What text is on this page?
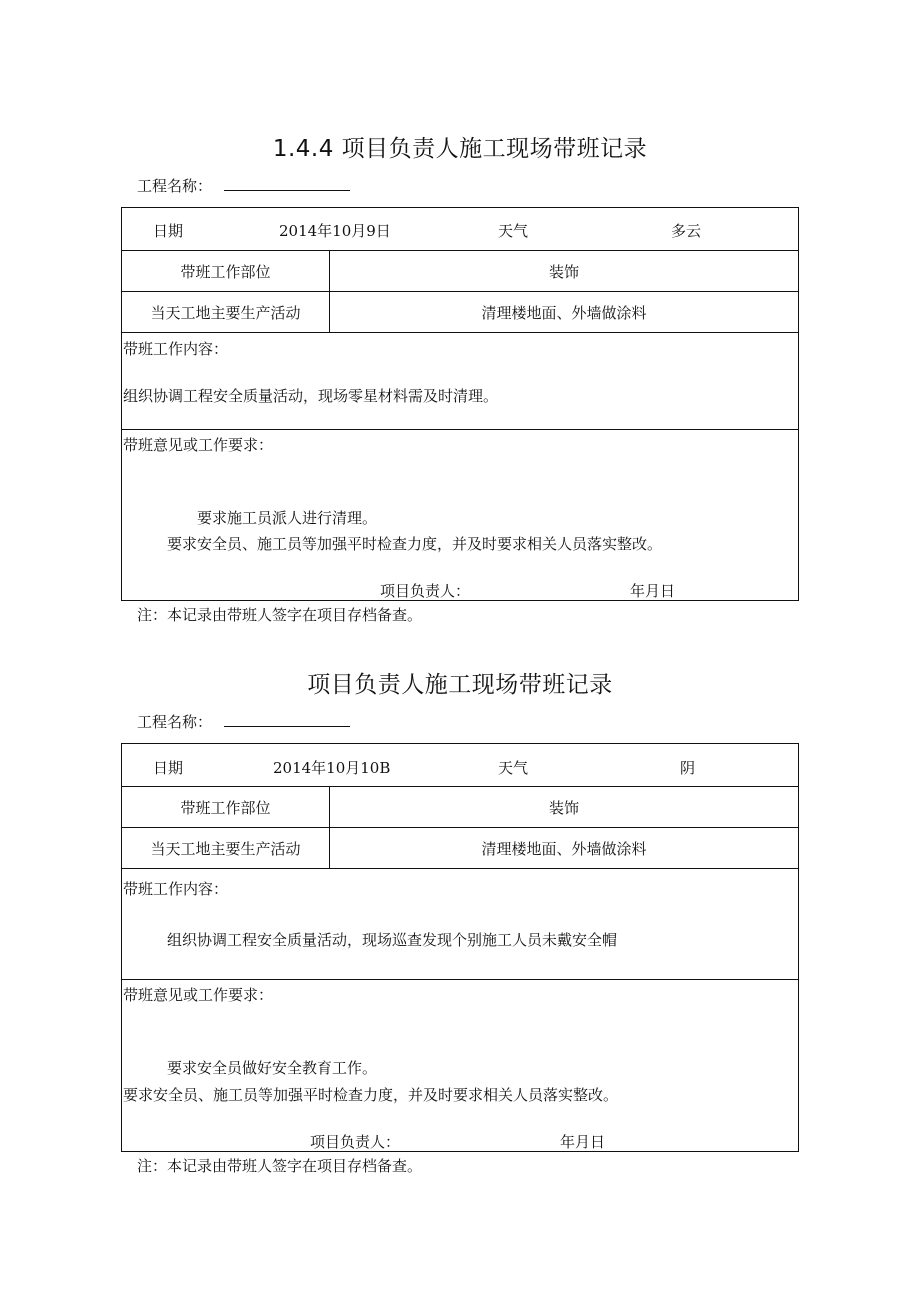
1.4.4 项目负责人施工现场带班记录
工程名称：
日期	2014年10月9日	天气	多云
带班工作部位	装饰
当天工地主要生产活动	清理楼地面、外墙做涂料
带班工作内容：
组织协调工程安全质量活动，现场零星材料需及时清理。
带班意见或工作要求：
要求施工员派人进行清理。
要求安全员、施工员等加强平时检查力度，并及时要求相关人员落实整改。
项目负责人：	年月日
注：本记录由带班人签字在项目存档备查。
项目负责人施工现场带班记录
工程名称：
日期	2014年10月10B	天气	阴
带班工作部位	装饰
当天工地主要生产活动	清理楼地面、外墙做涂料
带班工作内容：
组织协调工程安全质量活动，现场巡查发现个别施工人员未戴安全帽
带班意见或工作要求：
要求安全员做好安全教育工作。
要求安全员、施工员等加强平时检查力度，并及时要求相关人员落实整改。
项目负责人：	年月日
注：本记录由带班人签字在项目存档备查。
